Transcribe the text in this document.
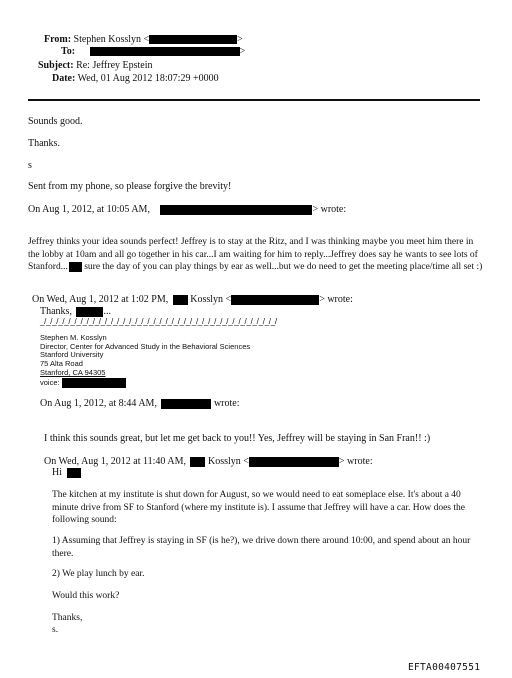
From: Stephen Kosslyn <	>
To:	>
Subject: Re: Jeffrey Epstein
Date: Wed, 01 Aug 2012 18:07:29 +0000
Sounds good.
Thanks.
s
Sent from my phone, so please forgive the brevity!
On Aug 1, 2012, at 10:05 AM,	> wrote:
Jeffrey thinks your idea sounds perfect! Jeffrey is to stay at the Ritz, and I was thinking maybe you meet him there in the lobby at 10am and all go together in his car...I am waiting for him to reply...Jeffrey does say he wants to see lots of Stanford... sure the day of you can play things by ear as well...but we do need to get the meeting place/time all set :)
On Wed, Aug 1, 2012 at 1:02 PM, Kosslyn <	> wrote:
Thanks,	...
_/_/_/_/_/_/_/_/_/_/_/_/_/_/_/_/_/_/_/_/_/_/_/_/_/_/_/_/_/_/_/_/_/_/_/_/_/_/_/
Stephen M. Kosslyn
Director, Center for Advanced Study in the Behavioral Sciences
Stanford University
75 Alta Road
Stanford, CA 94305
voice:
On Aug 1, 2012, at 8:44 AM,	wrote:
I think this sounds great, but let me get back to you!! Yes, Jeffrey will be staying in San Fran!! :)
On Wed, Aug 1, 2012 at 11:40 AM, Kosslyn <	> wrote:
Hi
The kitchen at my institute is shut down for August, so we would need to eat someplace else. It's about a 40 minute drive from SF to Stanford (where my institute is). I assume that Jeffrey will have a car. How does the following sound:
1) Assuming that Jeffrey is staying in SF (is he?), we drive down there around 10:00, and spend about an hour there.
2) We play lunch by ear.
Would this work?
Thanks,
s.
EFTA00407551
